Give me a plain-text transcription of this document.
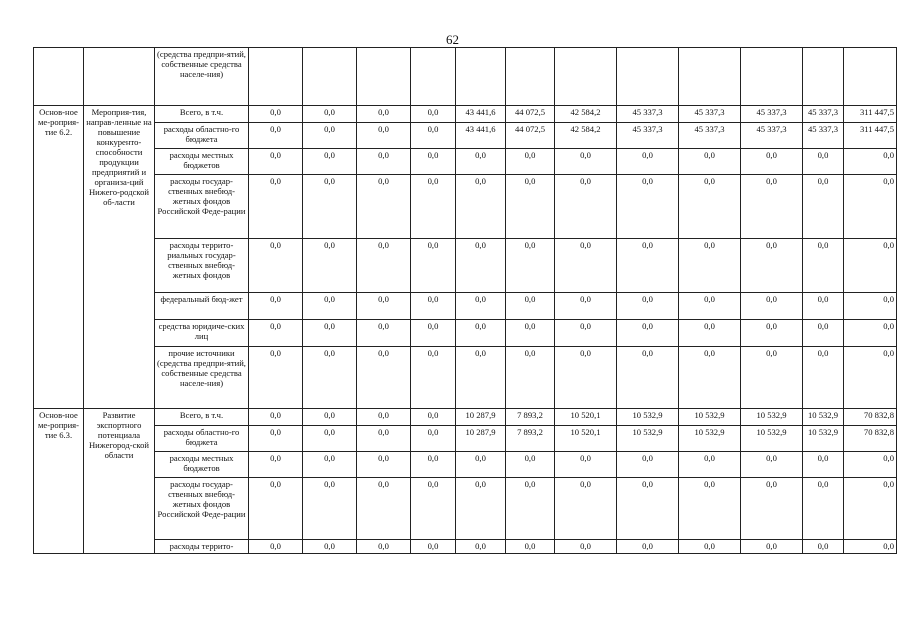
62
		(средства предпри-ятий, собственные средства населе-ния)												
Основ-ное ме-роприя-тие 6.2.	Мероприя-тия, направ-ленные на повышение конкуренто-способности продукции предприятий и организа-ций Нижего-родской об-ласти	Всего, в т.ч.	0,0	0,0	0,0	0,0	43 441,6	44 072,5	42 584,2	45 337,3	45 337,3	45 337,3	45 337,3	311 447,5
		расходы областно-го бюджета	0,0	0,0	0,0	0,0	43 441,6	44 072,5	42 584,2	45 337,3	45 337,3	45 337,3	45 337,3	311 447,5
		расходы местных бюджетов	0,0	0,0	0,0	0,0	0,0	0,0	0,0	0,0	0,0	0,0	0,0	0,0
		расходы государ-ственных внебюд-жетных фондов Российской Феде-рации	0,0	0,0	0,0	0,0	0,0	0,0	0,0	0,0	0,0	0,0	0,0	0,0
		расходы террито-риальных государ-ственных внебюд-жетных фондов	0,0	0,0	0,0	0,0	0,0	0,0	0,0	0,0	0,0	0,0	0,0	0,0
		федеральный бюд-жет	0,0	0,0	0,0	0,0	0,0	0,0	0,0	0,0	0,0	0,0	0,0	0,0
		средства юридиче-ских лиц	0,0	0,0	0,0	0,0	0,0	0,0	0,0	0,0	0,0	0,0	0,0	0,0
		прочие источники (средства предпри-ятий, собственные средства населе-ния)	0,0	0,0	0,0	0,0	0,0	0,0	0,0	0,0	0,0	0,0	0,0	0,0
Основ-ное ме-роприя-тие 6.3.	Развитие экспортного потенциала Нижегород-ской области	Всего, в т.ч.	0,0	0,0	0,0	0,0	10 287,9	7 893,2	10 520,1	10 532,9	10 532,9	10 532,9	10 532,9	70 832,8
		расходы областно-го бюджета	0,0	0,0	0,0	0,0	10 287,9	7 893,2	10 520,1	10 532,9	10 532,9	10 532,9	10 532,9	70 832,8
		расходы местных бюджетов	0,0	0,0	0,0	0,0	0,0	0,0	0,0	0,0	0,0	0,0	0,0	0,0
		расходы государ-ственных внебюд-жетных фондов Российской Феде-рации	0,0	0,0	0,0	0,0	0,0	0,0	0,0	0,0	0,0	0,0	0,0	0,0
		расходы террито-	0,0	0,0	0,0	0,0	0,0	0,0	0,0	0,0	0,0	0,0	0,0	0,0
